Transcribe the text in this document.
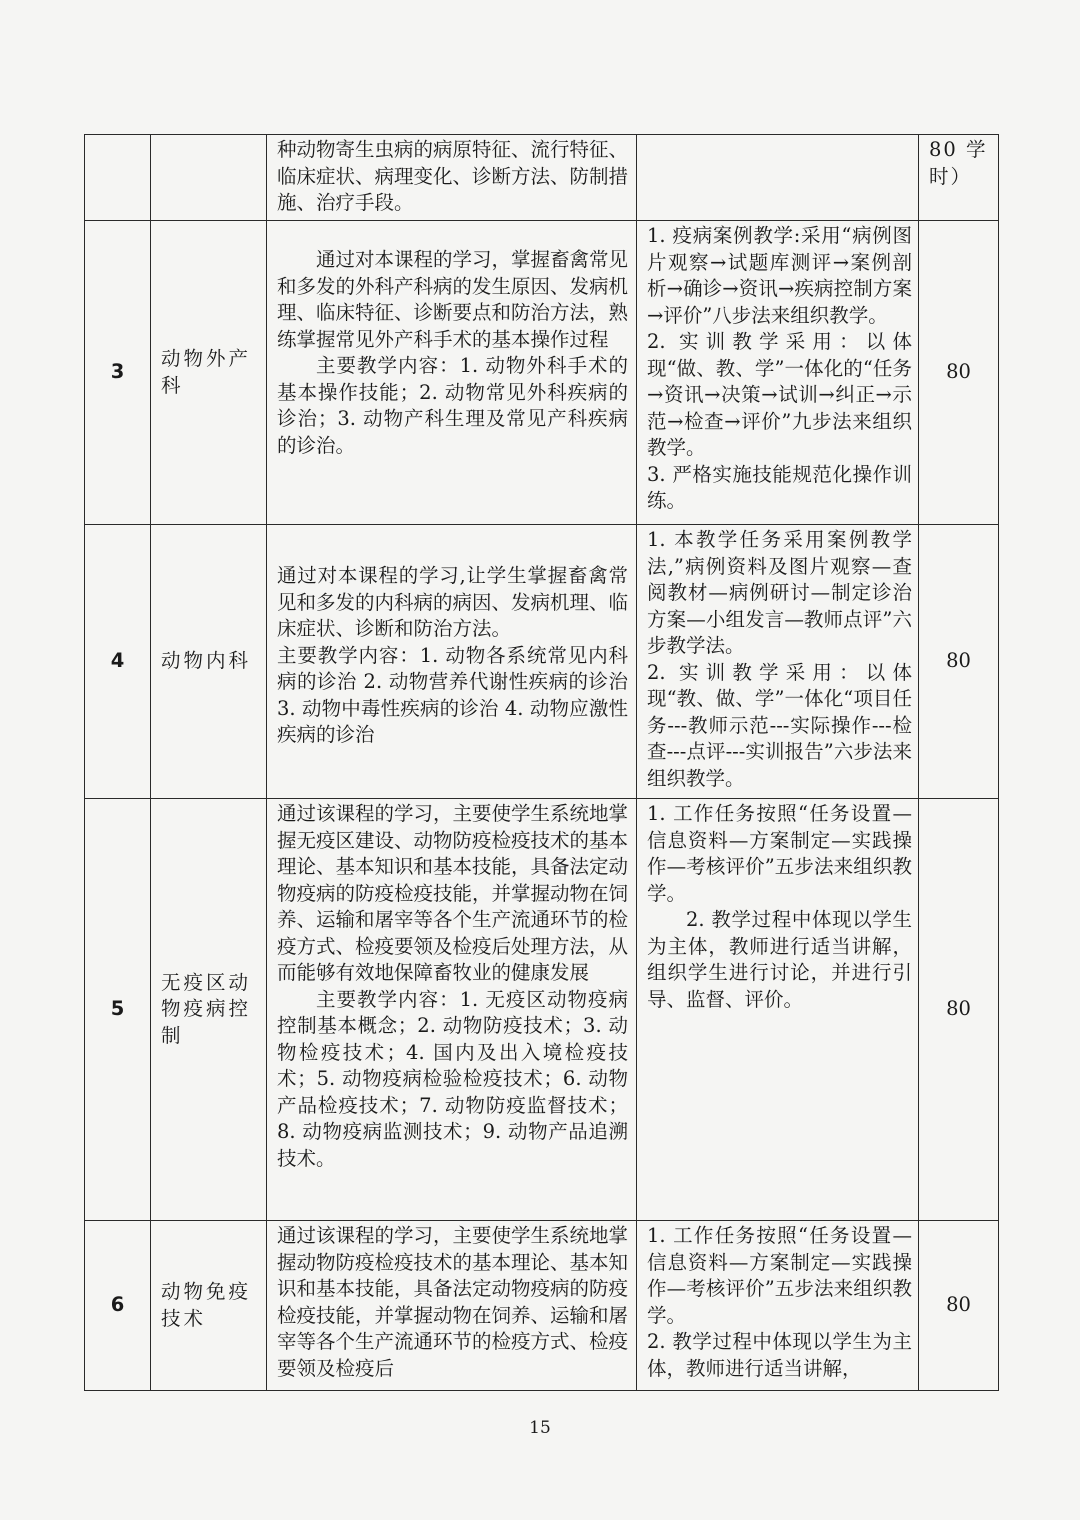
		种动物寄生虫病的病原特征、流行特征、临床症状、病理变化、诊断方法、防制措施、治疗手段。		80 学时）
3	动物外产科	通过对本课程的学习，掌握畜禽常见和多发的外科产科病的发生原因、发病机理、临床特征、诊断要点和防治方法，熟练掌握常见外产科手术的基本操作过程
主要教学内容：1. 动物外科手术的基本操作技能；2. 动物常见外科疾病的诊治；3. 动物产科生理及常见产科疾病的诊治。	1. 疫病案例教学:采用“病例图片观察→试题库测评→案例剖析→确诊→资讯→疾病控制方案→评价”八步法来组织教学。
2. 实训教学采用：以体现“做、教、学”一体化的“任务→资讯→决策→试训→纠正→示范→检查→评价”九步法来组织教学。
3. 严格实施技能规范化操作训练。	80
4	动物内科	通过对本课程的学习,让学生掌握畜禽常见和多发的内科病的病因、发病机理、临床症状、诊断和防治方法。
主要教学内容：1. 动物各系统常见内科病的诊治 2. 动物营养代谢性疾病的诊治 3. 动物中毒性疾病的诊治 4. 动物应激性疾病的诊治	1. 本教学任务采用案例教学法,”病例资料及图片观察—查阅教材—病例研讨—制定诊治方案—小组发言—教师点评”六步教学法。
2. 实训教学采用：以体现“教、做、学”一体化“项目任务---教师示范---实际操作---检查---点评---实训报告”六步法来组织教学。	80
5	无疫区动物疫病控制	通过该课程的学习，主要使学生系统地掌握无疫区建设、动物防疫检疫技术的基本理论、基本知识和基本技能，具备法定动物疫病的防疫检疫技能，并掌握动物在饲养、运输和屠宰等各个生产流通环节的检疫方式、检疫要领及检疫后处理方法，从而能够有效地保障畜牧业的健康发展
主要教学内容：1. 无疫区动物疫病控制基本概念；2. 动物防疫技术；3. 动物检疫技术；4. 国内及出入境检疫技术；5. 动物疫病检验检疫技术；6. 动物产品检疫技术；7. 动物防疫监督技术；8. 动物疫病监测技术；9. 动物产品追溯技术。	1. 工作任务按照“任务设置—信息资料—方案制定—实践操作—考核评价”五步法来组织教学。
2. 教学过程中体现以学生为主体，教师进行适当讲解，组织学生进行讨论，并进行引导、监督、评价。	80
6	动物免疫技术	通过该课程的学习，主要使学生系统地掌握动物防疫检疫技术的基本理论、基本知识和基本技能，具备法定动物疫病的防疫检疫技能，并掌握动物在饲养、运输和屠宰等各个生产流通环节的检疫方式、检疫要领及检疫后	1. 工作任务按照“任务设置—信息资料—方案制定—实践操作—考核评价”五步法来组织教学。
2. 教学过程中体现以学生为主体，教师进行适当讲解，	80
15
